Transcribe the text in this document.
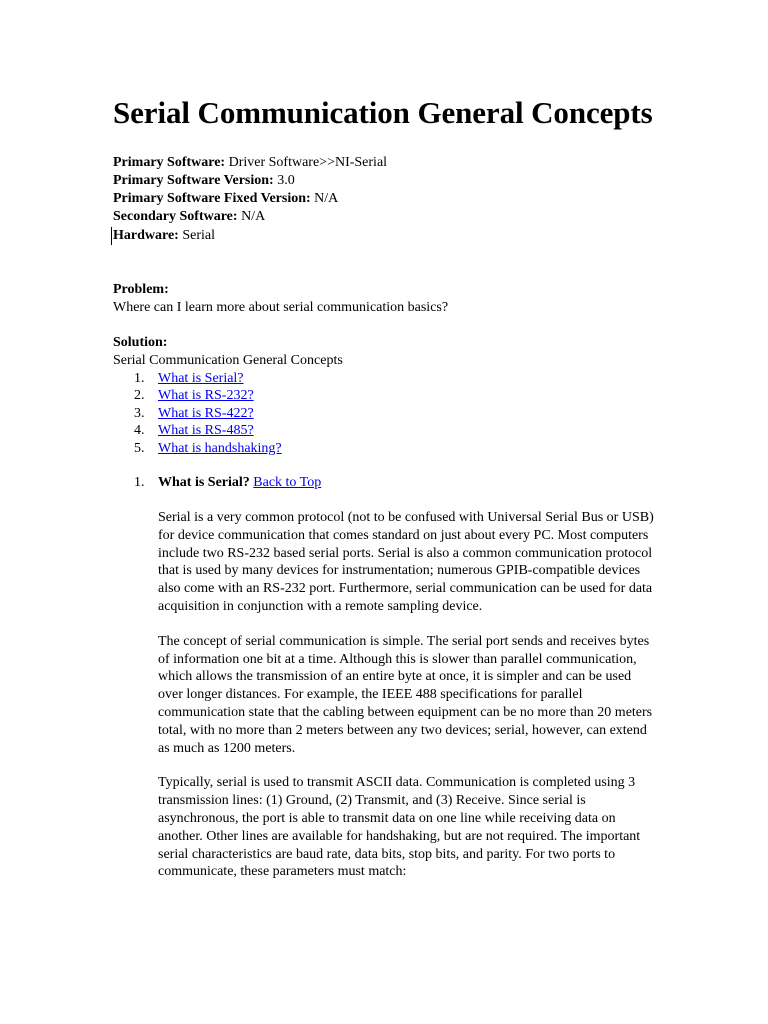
Serial Communication General Concepts
Primary Software: Driver Software>>NI-Serial
Primary Software Version: 3.0
Primary Software Fixed Version: N/A
Secondary Software: N/A
Hardware: Serial
Problem:
Where can I learn more about serial communication basics?
Solution:
Serial Communication General Concepts
1. What is Serial?
2. What is RS-232?
3. What is RS-422?
4. What is RS-485?
5. What is handshaking?
1. What is Serial? Back to Top
Serial is a very common protocol (not to be confused with Universal Serial Bus or USB) for device communication that comes standard on just about every PC. Most computers include two RS-232 based serial ports. Serial is also a common communication protocol that is used by many devices for instrumentation; numerous GPIB-compatible devices also come with an RS-232 port. Furthermore, serial communication can be used for data acquisition in conjunction with a remote sampling device.
The concept of serial communication is simple. The serial port sends and receives bytes of information one bit at a time. Although this is slower than parallel communication, which allows the transmission of an entire byte at once, it is simpler and can be used over longer distances. For example, the IEEE 488 specifications for parallel communication state that the cabling between equipment can be no more than 20 meters total, with no more than 2 meters between any two devices; serial, however, can extend as much as 1200 meters.
Typically, serial is used to transmit ASCII data. Communication is completed using 3 transmission lines: (1) Ground, (2) Transmit, and (3) Receive. Since serial is asynchronous, the port is able to transmit data on one line while receiving data on another. Other lines are available for handshaking, but are not required. The important serial characteristics are baud rate, data bits, stop bits, and parity. For two ports to communicate, these parameters must match:
